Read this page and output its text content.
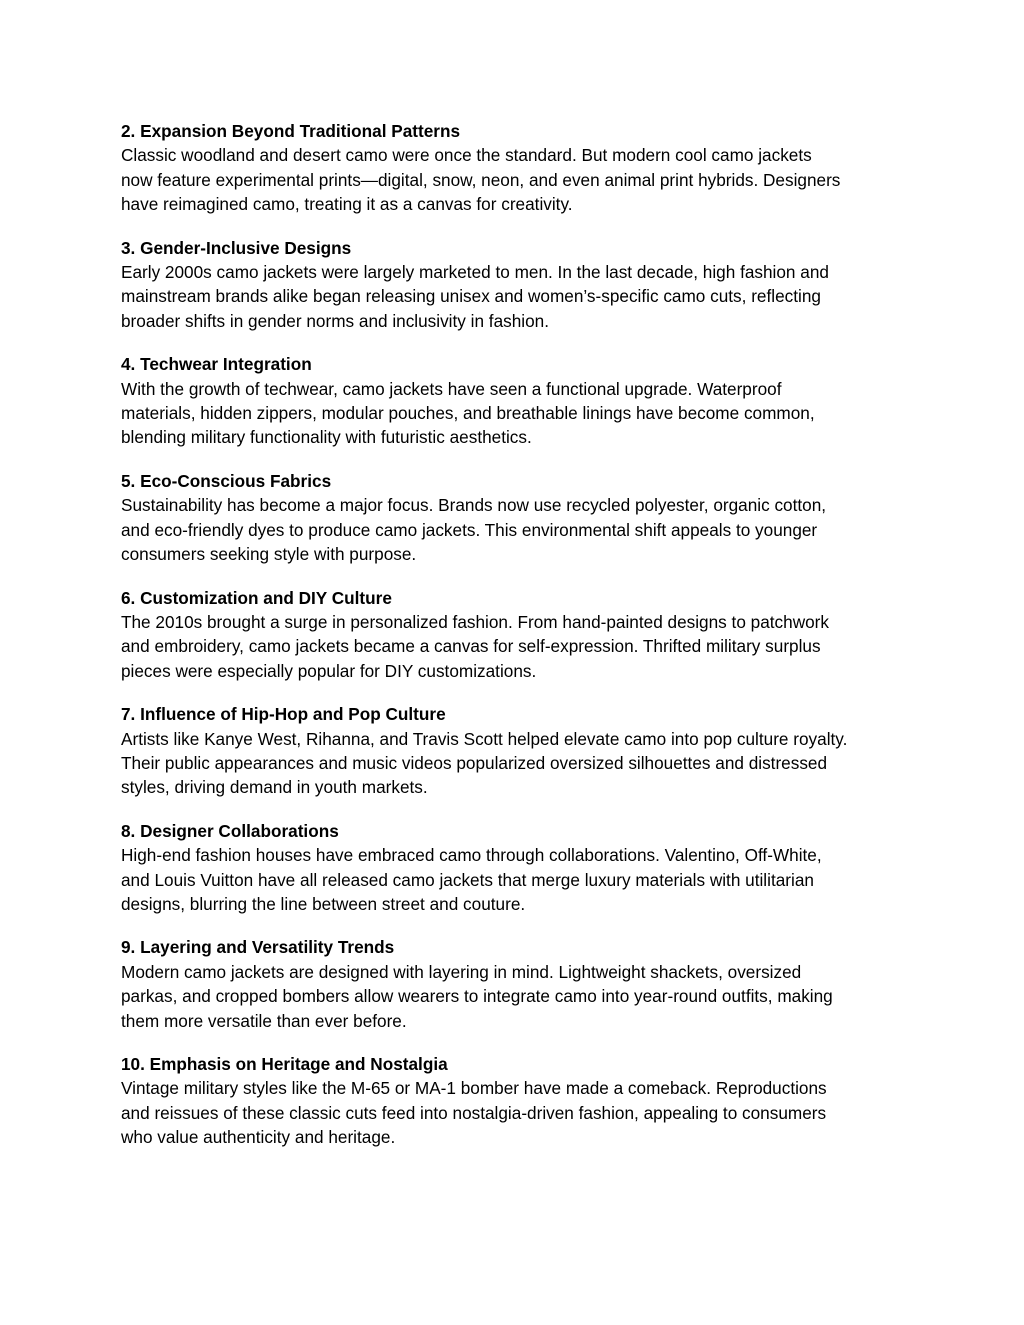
2. Expansion Beyond Traditional Patterns

Classic woodland and desert camo were once the standard. But modern cool camo jackets
now feature experimental prints—digital, snow, neon, and even animal print hybrids. Designers
have reimagined camo, treating it as a canvas for creativity.

3. Gender-Inclusive Designs

Early 2000s camo jackets were largely marketed to men. In the last decade, high fashion and
mainstream brands alike began releasing unisex and women’s-specific camo cuts, reflecting
broader shifts in gender norms and inclusivity in fashion.

4. Techwear Integration

With the growth of techwear, camo jackets have seen a functional upgrade. Waterproof
materials, hidden zippers, modular pouches, and breathable linings have become common,
blending military functionality with futuristic aesthetics.

5. Eco-Conscious Fabrics

Sustainability has become a major focus. Brands now use recycled polyester, organic cotton,
and eco-friendly dyes to produce camo jackets. This environmental shift appeals to younger
consumers seeking style with purpose.

6. Customization and DIY Culture

The 2010s brought a surge in personalized fashion. From hand-painted designs to patchwork
and embroidery, camo jackets became a canvas for self-expression. Thrifted military surplus
pieces were especially popular for DIY customizations.

7. Influence of Hip-Hop and Pop Culture

Artists like Kanye West, Rihanna, and Travis Scott helped elevate camo into pop culture royalty.
Their public appearances and music videos popularized oversized silhouettes and distressed
styles, driving demand in youth markets.

8. Designer Collaborations

High-end fashion houses have embraced camo through collaborations. Valentino, Off-White,
and Louis Vuitton have all released camo jackets that merge luxury materials with utilitarian
designs, blurring the line between street and couture.

9. Layering and Versatility Trends

Modern camo jackets are designed with layering in mind. Lightweight shackets, oversized
parkas, and cropped bombers allow wearers to integrate camo into year-round outfits, making
them more versatile than ever before.

10. Emphasis on Heritage and Nostalgia

Vintage military styles like the M-65 or MA-1 bomber have made a comeback. Reproductions
and reissues of these classic cuts feed into nostalgia-driven fashion, appealing to consumers
who value authenticity and heritage.
